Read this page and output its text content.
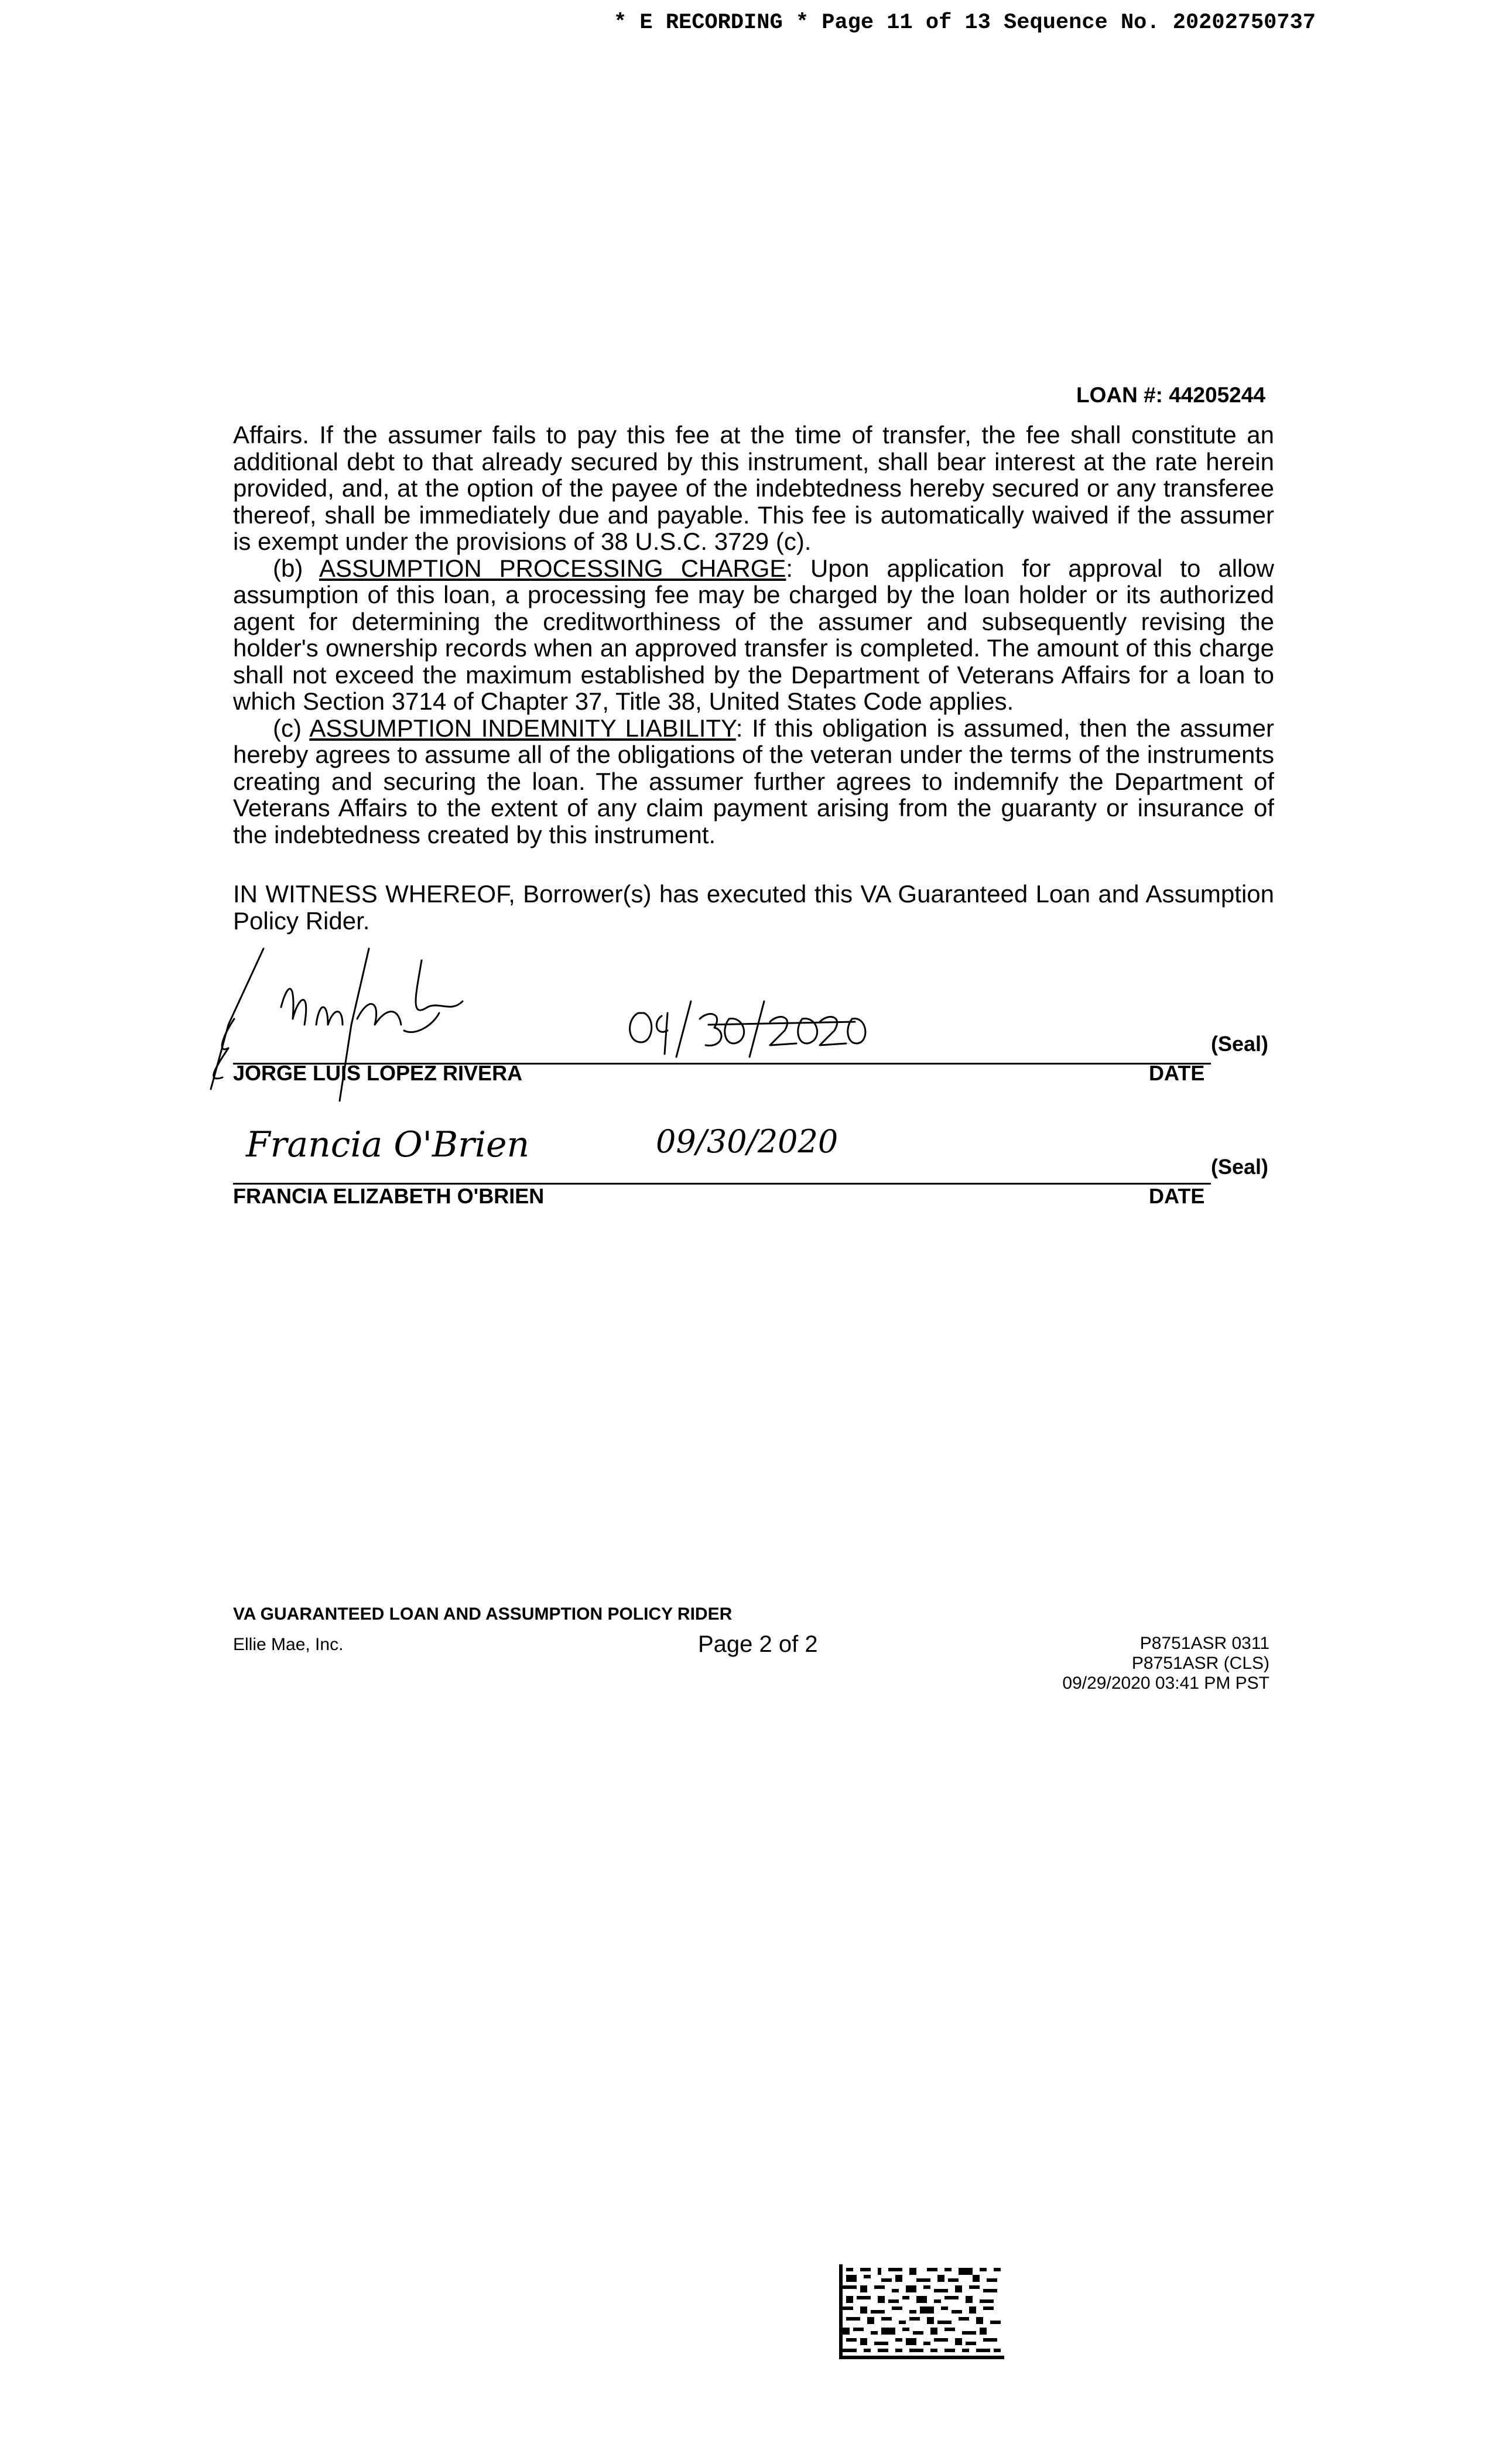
* E RECORDING * Page 11 of 13 Sequence No. 20202750737
LOAN #: 44205244

Affairs. If the assumer fails to pay this fee at the time of transfer, the fee shall constitute an additional debt to that already secured by this instrument, shall bear interest at the rate herein provided, and, at the option of the payee of the indebtedness hereby secured or any transferee thereof, shall be immediately due and payable. This fee is automatically waived if the assumer is exempt under the provisions of 38 U.S.C. 3729 (c).

(b) ASSUMPTION PROCESSING CHARGE: Upon application for approval to allow assumption of this loan, a processing fee may be charged by the loan holder or its authorized agent for determining the creditworthiness of the assumer and subsequently revising the holder's ownership records when an approved transfer is completed. The amount of this charge shall not exceed the maximum established by the Department of Veterans Affairs for a loan to which Section 3714 of Chapter 37, Title 38, United States Code applies.

(c) ASSUMPTION INDEMNITY LIABILITY: If this obligation is assumed, then the assumer hereby agrees to assume all of the obligations of the veteran under the terms of the instruments creating and securing the loan. The assumer further agrees to indemnify the Department of Veterans Affairs to the extent of any claim payment arising from the guaranty or insurance of the indebtedness created by this instrument.

IN WITNESS WHEREOF, Borrower(s) has executed this VA Guaranteed Loan and Assumption Policy Rider.

JORGE LUIS LOPEZ RIVERA	DATE
(Seal)
Francia O'Brien	09/30/2020
FRANCIA ELIZABETH O'BRIEN	DATE
(Seal)
VA GUARANTEED LOAN AND ASSUMPTION POLICY RIDER
Ellie Mae, Inc.	Page 2 of 2	P8751ASR 0311
P8751ASR (CLS)
09/29/2020 03:41 PM PST
